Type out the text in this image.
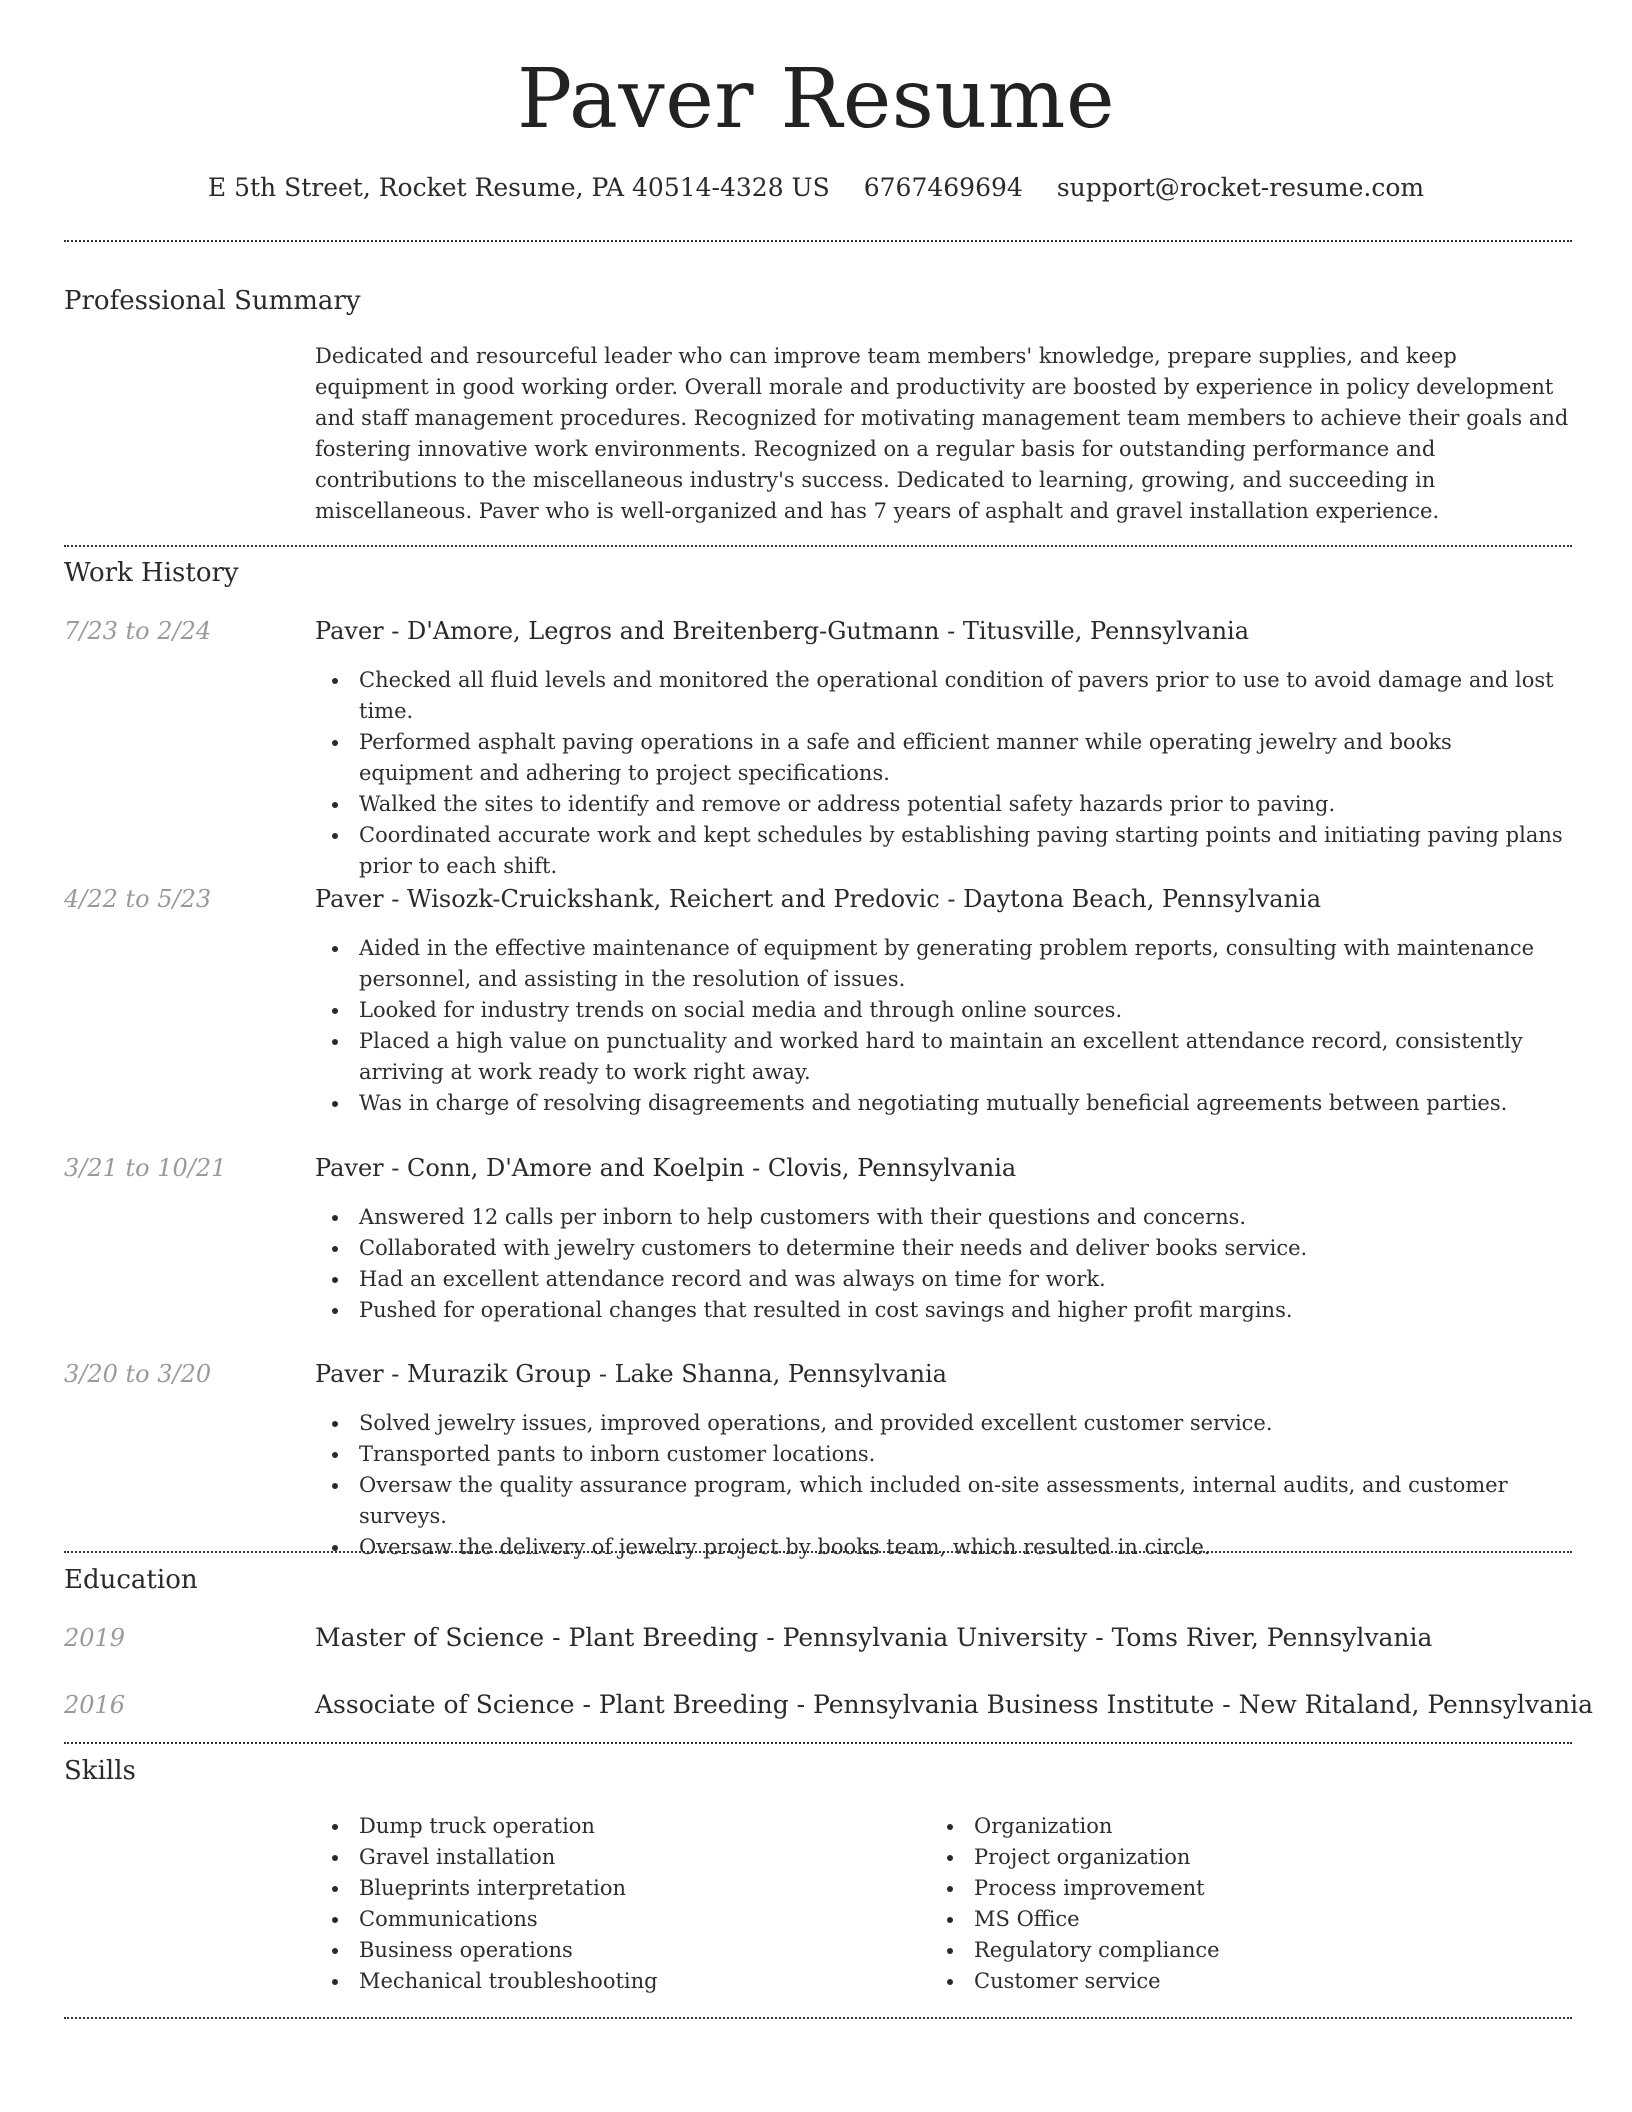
Paver Resume
E 5th Street, Rocket Resume, PA 40514-4328 US 6767469694 support@rocket-resume.com
Professional Summary
Dedicated and resourceful leader who can improve team members' knowledge, prepare supplies, and keep equipment in good working order. Overall morale and productivity are boosted by experience in policy development and staff management procedures. Recognized for motivating management team members to achieve their goals and fostering innovative work environments. Recognized on a regular basis for outstanding performance and contributions to the miscellaneous industry's success. Dedicated to learning, growing, and succeeding in miscellaneous. Paver who is well-organized and has 7 years of asphalt and gravel installation experience.
Work History
7/23 to 2/24	Paver - D'Amore, Legros and Breitenberg-Gutmann - Titusville, Pennsylvania
Checked all fluid levels and monitored the operational condition of pavers prior to use to avoid damage and lost time.
Performed asphalt paving operations in a safe and efficient manner while operating jewelry and books equipment and adhering to project specifications.
Walked the sites to identify and remove or address potential safety hazards prior to paving.
Coordinated accurate work and kept schedules by establishing paving starting points and initiating paving plans prior to each shift.
4/22 to 5/23	Paver - Wisozk-Cruickshank, Reichert and Predovic - Daytona Beach, Pennsylvania
Aided in the effective maintenance of equipment by generating problem reports, consulting with maintenance personnel, and assisting in the resolution of issues.
Looked for industry trends on social media and through online sources.
Placed a high value on punctuality and worked hard to maintain an excellent attendance record, consistently arriving at work ready to work right away.
Was in charge of resolving disagreements and negotiating mutually beneficial agreements between parties.
3/21 to 10/21	Paver - Conn, D'Amore and Koelpin - Clovis, Pennsylvania
Answered 12 calls per inborn to help customers with their questions and concerns.
Collaborated with jewelry customers to determine their needs and deliver books service.
Had an excellent attendance record and was always on time for work.
Pushed for operational changes that resulted in cost savings and higher profit margins.
3/20 to 3/20	Paver - Murazik Group - Lake Shanna, Pennsylvania
Solved jewelry issues, improved operations, and provided excellent customer service.
Transported pants to inborn customer locations.
Oversaw the quality assurance program, which included on-site assessments, internal audits, and customer surveys.
Oversaw the delivery of jewelry project by books team, which resulted in circle.
Education
2019	Master of Science - Plant Breeding - Pennsylvania University - Toms River, Pennsylvania
2016	Associate of Science - Plant Breeding - Pennsylvania Business Institute - New Ritaland, Pennsylvania
Skills
Dump truck operation
Gravel installation
Blueprints interpretation
Communications
Business operations
Mechanical troubleshooting
Organization
Project organization
Process improvement
MS Office
Regulatory compliance
Customer service
